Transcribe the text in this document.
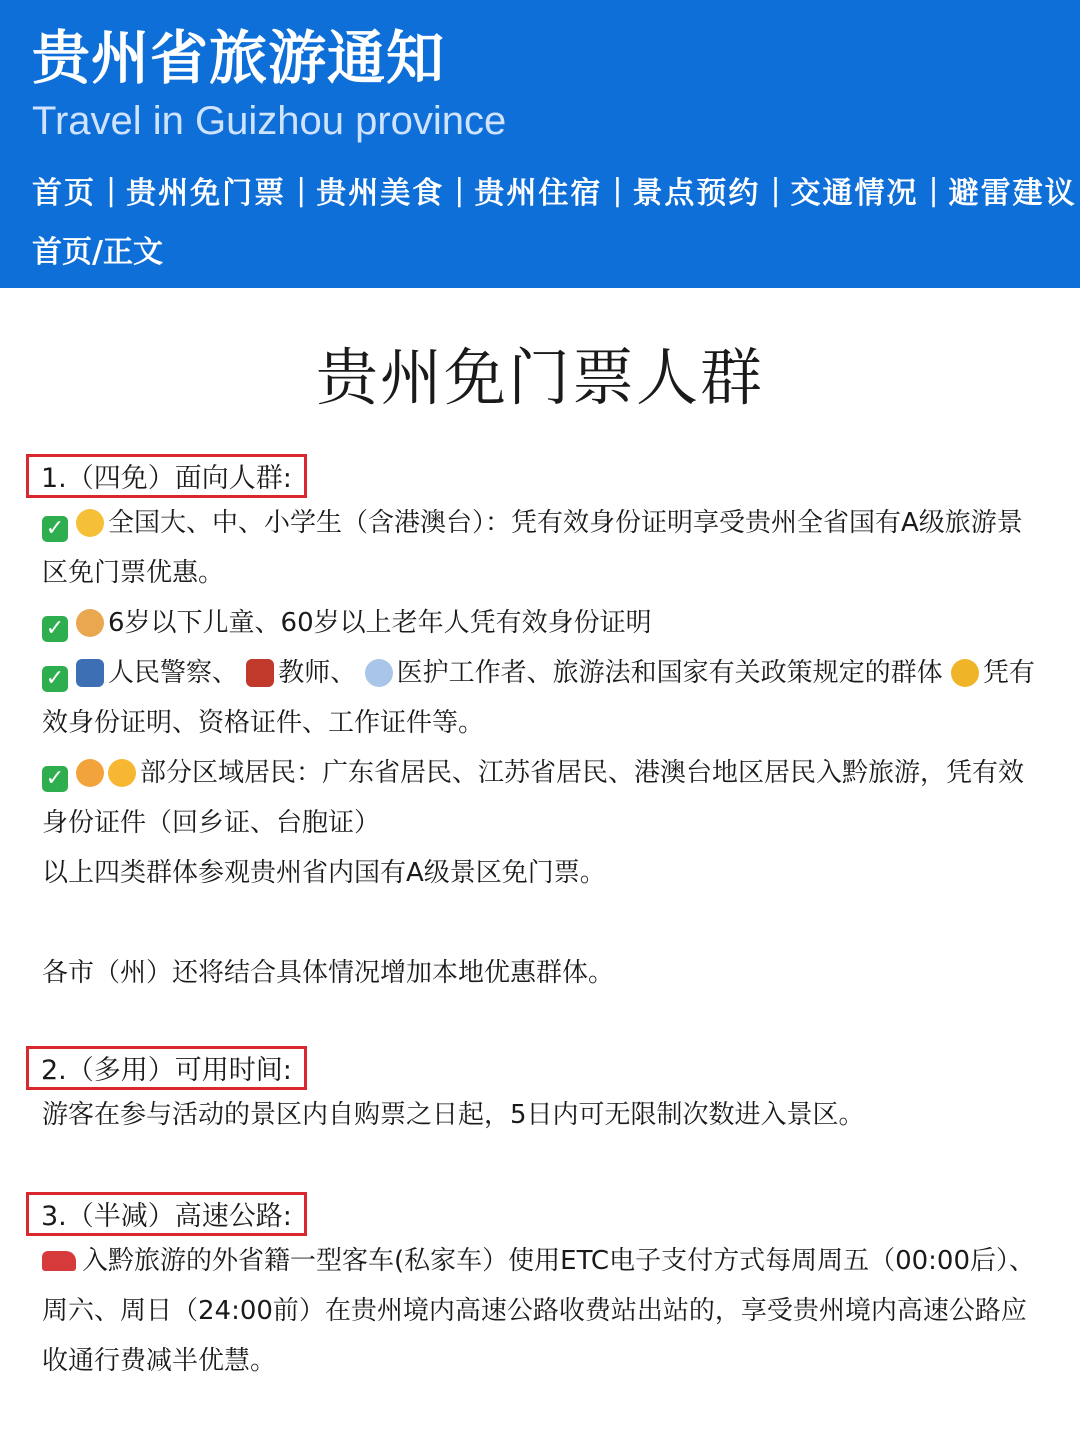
贵州省旅游通知
Travel in Guizhou province
首页 | 贵州免门票 | 贵州美食 | 贵州住宿 | 景点预约 | 交通情况 | 避雷建议
首页/正文
贵州免门票人群
1.（四免）面向人群:

✓ 全国大、中、小学生（含港澳台）：凭有效身份证明享受贵州全省国有A级旅游景区免门票优惠。

✓ 6岁以下儿童、60岁以上老年人凭有效身份证明

✓ 人民警察、 教师、 医护工作者、旅游法和国家有关政策规定的群体 凭有效身份证明、资格证件、工作证件等。

✓	部分区域居民：广东省居民、江苏省居民、港澳台地区居民入黔旅游，凭有效身份证件（回乡证、台胞证）

以上四类群体参观贵州省内国有A级景区免门票。

各市（州）还将结合具体情况增加本地优惠群体。

2.（多用）可用时间:

游客在参与活动的景区内自购票之日起，5日内可无限制次数进入景区。

3.（半减）高速公路:

入黔旅游的外省籍一型客车(私家车）使用ETC电子支付方式每周周五（00:00后）、周六、周日（24:00前）在贵州境内高速公路收费站出站的，享受贵州境内高速公路应收通行费减半优慧。
